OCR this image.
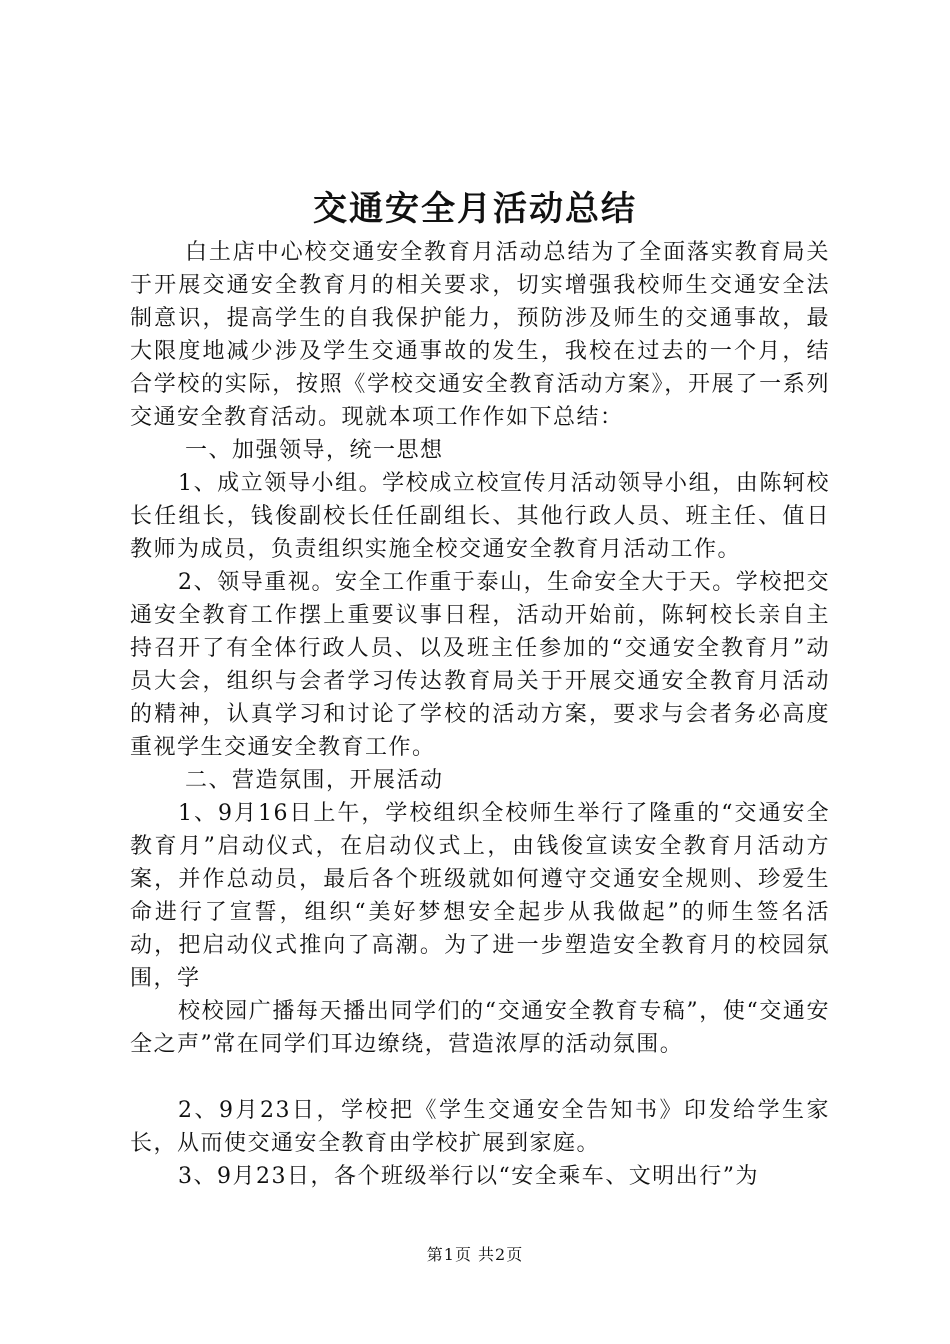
交通安全月活动总结

白土店中心校交通安全教育月活动总结为了全面落实教育局关于开展交通安全教育月的相关要求，切实增强我校师生交通安全法制意识，提高学生的自我保护能力，预防涉及师生的交通事故，最大限度地减少涉及学生交通事故的发生，我校在过去的一个月，结合学校的实际，按照《学校交通安全教育活动方案》，开展了一系列交通安全教育活动。现就本项工作作如下总结：

一、加强领导，统一思想

1、成立领导小组。学校成立校宣传月活动领导小组，由陈轲校长任组长，钱俊副校长任任副组长、其他行政人员、班主任、值日教师为成员，负责组织实施全校交通安全教育月活动工作。

2、领导重视。安全工作重于泰山，生命安全大于天。学校把交通安全教育工作摆上重要议事日程，活动开始前，陈轲校长亲自主持召开了有全体行政人员、以及班主任参加的“交通安全教育月”动员大会，组织与会者学习传达教育局关于开展交通安全教育月活动的精神，认真学习和讨论了学校的活动方案，要求与会者务必高度重视学生交通安全教育工作。

二、营造氛围，开展活动

1、9月16日上午，学校组织全校师生举行了隆重的“交通安全教育月”启动仪式，在启动仪式上，由钱俊宣读安全教育月活动方案，并作总动员，最后各个班级就如何遵守交通安全规则、珍爱生命进行了宣誓，组织“美好梦想安全起步从我做起”的师生签名活动，把启动仪式推向了高潮。为了进一步塑造安全教育月的校园氛围，学

校校园广播每天播出同学们的“交通安全教育专稿”，使“交通安全之声”常在同学们耳边缭绕，营造浓厚的活动氛围。

2、9月23日，学校把《学生交通安全告知书》印发给学生家长，从而使交通安全教育由学校扩展到家庭。

3、9月23日，各个班级举行以“安全乘车、文明出行”为

第1页 共2页
